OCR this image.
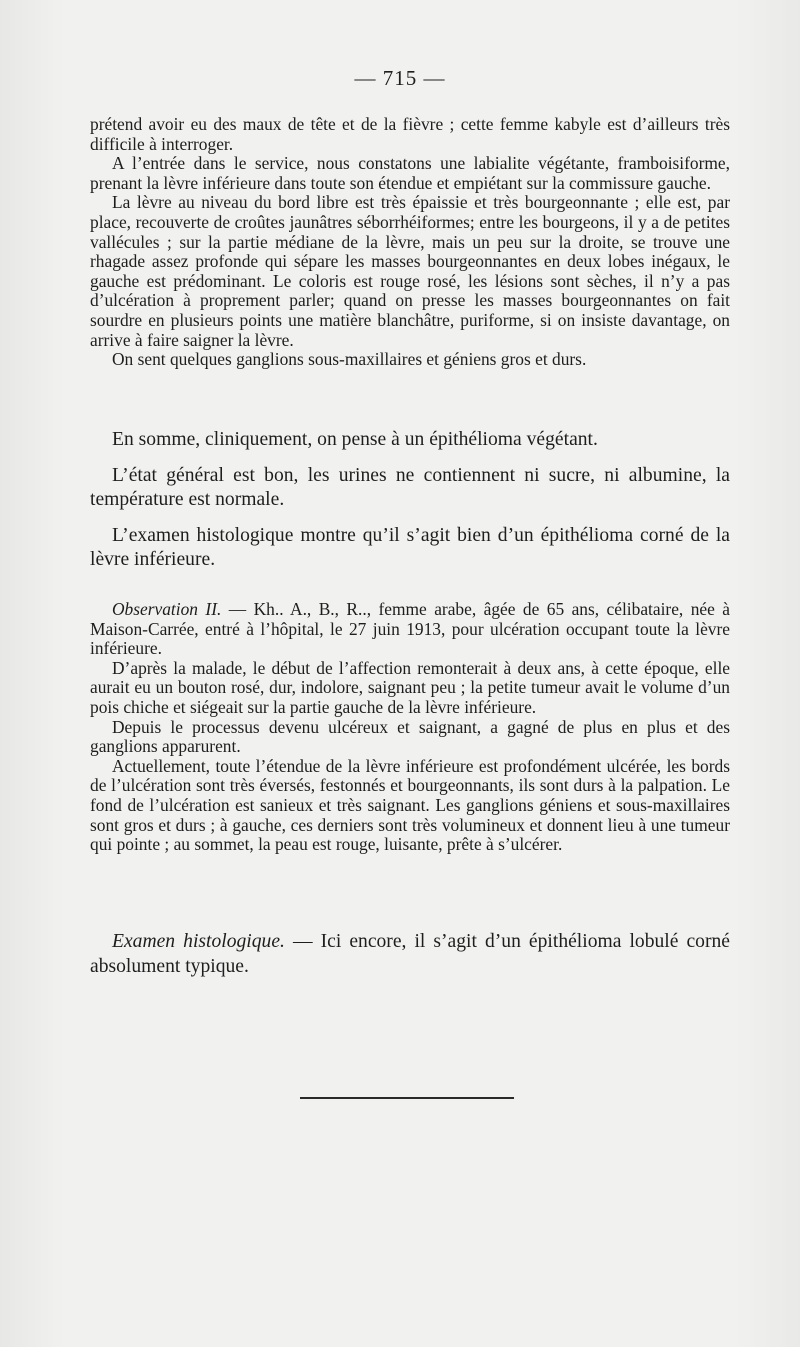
— 715 —

prétend avoir eu des maux de tête et de la fièvre ; cette femme kabyle est d’ailleurs très difficile à interroger.

A l’entrée dans le service, nous constatons une labialite végétante, framboisiforme, prenant la lèvre inférieure dans toute son étendue et empiétant sur la commissure gauche.

La lèvre au niveau du bord libre est très épaissie et très bourgeonnante ; elle est, par place, recouverte de croûtes jaunâtres séborrhéiformes; entre les bourgeons, il y a de petites vallécules ; sur la partie médiane de la lèvre, mais un peu sur la droite, se trouve une rhagade assez profonde qui sépare les masses bourgeonnantes en deux lobes inégaux, le gauche est prédominant. Le coloris est rouge rosé, les lésions sont sèches, il n’y a pas d’ulcération à proprement parler; quand on presse les masses bourgeonnantes on fait sourdre en plusieurs points une matière blanchâtre, puriforme, si on insiste davantage, on arrive à faire saigner la lèvre.

On sent quelques ganglions sous-maxillaires et géniens gros et durs.

En somme, cliniquement, on pense à un épithélioma végétant.

L’état général est bon, les urines ne contiennent ni sucre, ni albumine, la température est normale.

L’examen histologique montre qu’il s’agit bien d’un épithélioma corné de la lèvre inférieure.

Observation II. — Kh.. A., B., R.., femme arabe, âgée de 65 ans, célibataire, née à Maison-Carrée, entré à l’hôpital, le 27 juin 1913, pour ulcération occupant toute la lèvre inférieure.

D’après la malade, le début de l’affection remonterait à deux ans, à cette époque, elle aurait eu un bouton rosé, dur, indolore, saignant peu ; la petite tumeur avait le volume d’un pois chiche et siégeait sur la partie gauche de la lèvre inférieure.

Depuis le processus devenu ulcéreux et saignant, a gagné de plus en plus et des ganglions apparurent.

Actuellement, toute l’étendue de la lèvre inférieure est profondément ulcérée, les bords de l’ulcération sont très éversés, festonnés et bourgeonnants, ils sont durs à la palpation. Le fond de l’ulcération est sanieux et très saignant. Les ganglions géniens et sous-maxillaires sont gros et durs ; à gauche, ces derniers sont très volumineux et donnent lieu à une tumeur qui pointe ; au sommet, la peau est rouge, luisante, prête à s’ulcérer.

Examen histologique. — Ici encore, il s’agit d’un épithélioma lobulé corné absolument typique.
